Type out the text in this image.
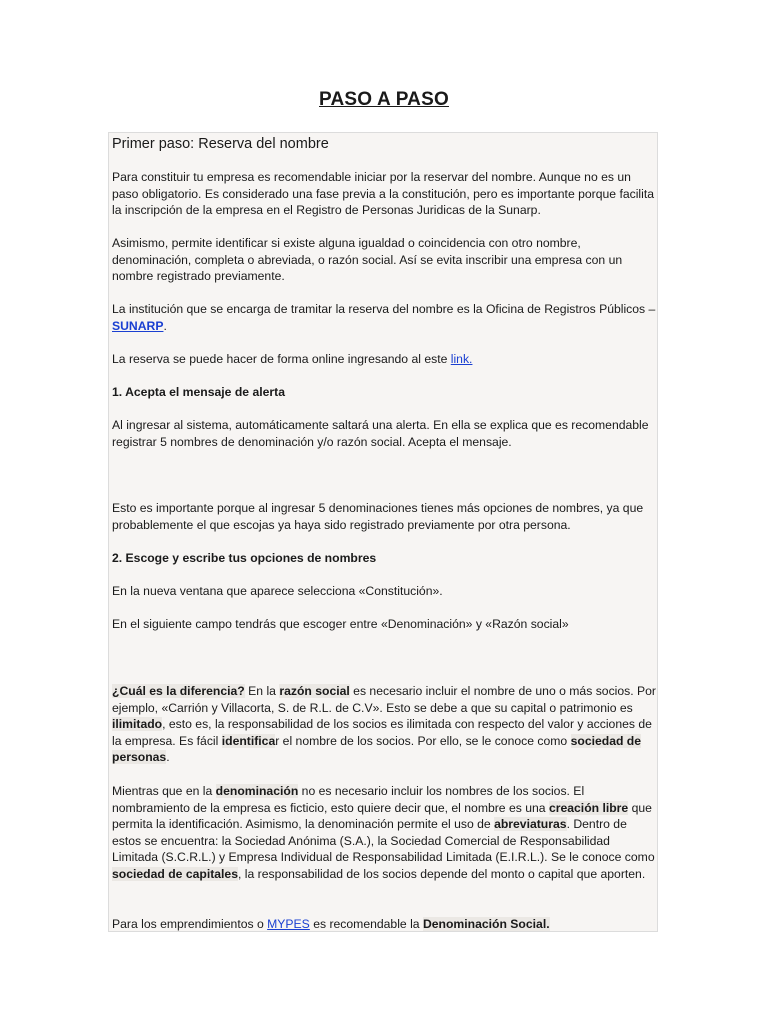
PASO A PASO
Primer paso: Reserva del nombre

Para constituir tu empresa es recomendable iniciar por la reservar del nombre. Aunque no es un paso obligatorio. Es considerado una fase previa a la constitución, pero es importante porque facilita la inscripción de la empresa en el Registro de Personas Juridicas de la Sunarp.

Asimismo, permite identificar si existe alguna igualdad o coincidencia con otro nombre, denominación, completa o abreviada, o razón social. Así se evita inscribir una empresa con un nombre registrado previamente.

La institución que se encarga de tramitar la reserva del nombre es la Oficina de Registros Públicos – SUNARP.

La reserva se puede hacer de forma online ingresando al este link.

1. Acepta el mensaje de alerta

Al ingresar al sistema, automáticamente saltará una alerta. En ella se explica que es recomendable registrar 5 nombres de denominación y/o razón social. Acepta el mensaje.

Esto es importante porque al ingresar 5 denominaciones tienes más opciones de nombres, ya que probablemente el que escojas ya haya sido registrado previamente por otra persona.

2. Escoge y escribe tus opciones de nombres

En la nueva ventana que aparece selecciona «Constitución».

En el siguiente campo tendrás que escoger entre «Denominación» y «Razón social»

¿Cuál es la diferencia? En la razón social es necesario incluir el nombre de uno o más socios. Por ejemplo, «Carrión y Villacorta, S. de R.L. de C.V». Esto se debe a que su capital o patrimonio es ilimitado, esto es, la responsabilidad de los socios es ilimitada con respecto del valor y acciones de la empresa. Es fácil identificar el nombre de los socios. Por ello, se le conoce como sociedad de personas.

Mientras que en la denominación no es necesario incluir los nombres de los socios. El nombramiento de la empresa es ficticio, esto quiere decir que, el nombre es una creación libre que permita la identificación. Asimismo, la denominación permite el uso de abreviaturas. Dentro de estos se encuentra: la Sociedad Anónima (S.A.), la Sociedad Comercial de Responsabilidad Limitada (S.C.R.L.) y Empresa Individual de Responsabilidad Limitada (E.I.R.L.). Se le conoce como sociedad de capitales, la responsabilidad de los socios depende del monto o capital que aporten.

Para los emprendimientos o MYPES es recomendable la Denominación Social.
